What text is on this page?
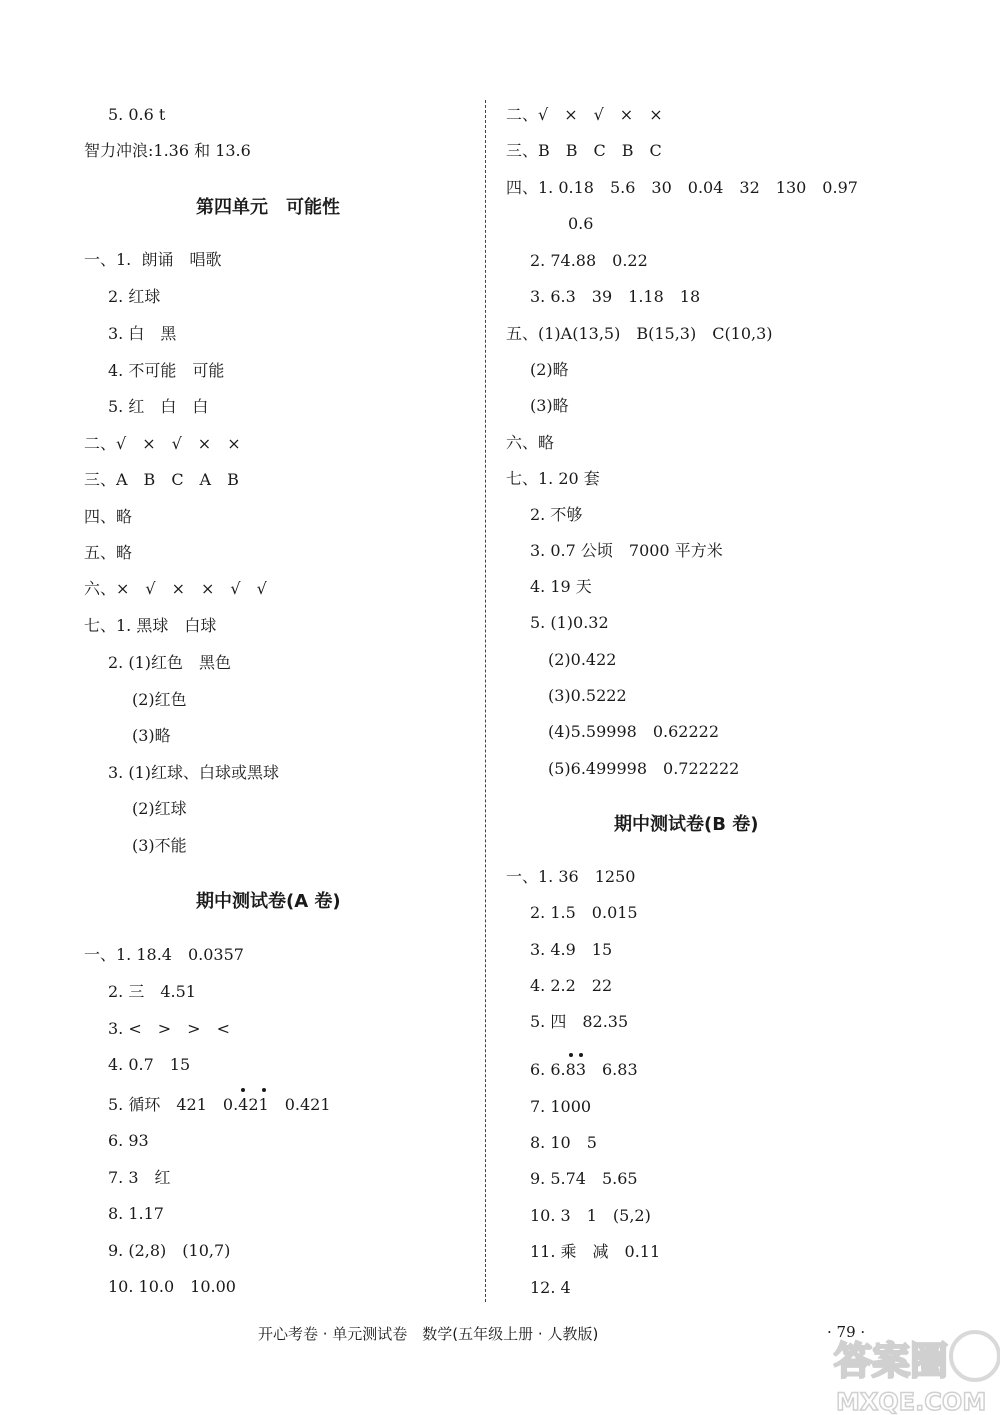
5. 0.6 t
智力冲浪:1.36 和 13.6
第四单元　可能性
一、1.  朗诵　唱歌
2. 红球
3. 白　黑
4. 不可能　可能
5. 红　白　白
二、√　×　√　×　×
三、A　B　C　A　B
四、略
五、略
六、×　√　×　×　√　√
七、1. 黑球　白球
2. (1)红色　黑色
(2)红色
(3)略
3. (1)红球、白球或黑球
(2)红球
(3)不能
期中测试卷(A 卷)
一、1. 18.4　0.0357
2. 三　4.51
3. <　>　>　<
4. 0.7　15
5. 循环　421　0.421　0.421
6. 93
7. 3　红
8. 1.17
9. (2,8)　(10,7)
10. 10.0　10.00
二、√　×　√　×　×
三、B　B　C　B　C
四、1. 0.18　5.6　30　0.04　32　130　0.97
0.6
2. 74.88　0.22
3. 6.3　39　1.18　18
五、(1)A(13,5)　B(15,3)　C(10,3)
(2)略
(3)略
六、略
七、1. 20 套
2. 不够
3. 0.7 公顷　7000 平方米
4. 19 天
5. (1)0.32
(2)0.422
(3)0.5222
(4)5.59998　0.62222
(5)6.499998　0.722222
期中测试卷(B 卷)
一、1. 36　1250
2. 1.5　0.015
3. 4.9　15
4. 2.2　22
5. 四　82.35
6. 6.83　6.83
7. 1000
8. 10　5
9. 5.74　5.65
10. 3　1　(5,2)
11. 乘　减　0.11
12. 4
开心考卷 · 单元测试卷　数学(五年级上册 · 人教版)	· 79 ·
答案圈
MXQE.COM
